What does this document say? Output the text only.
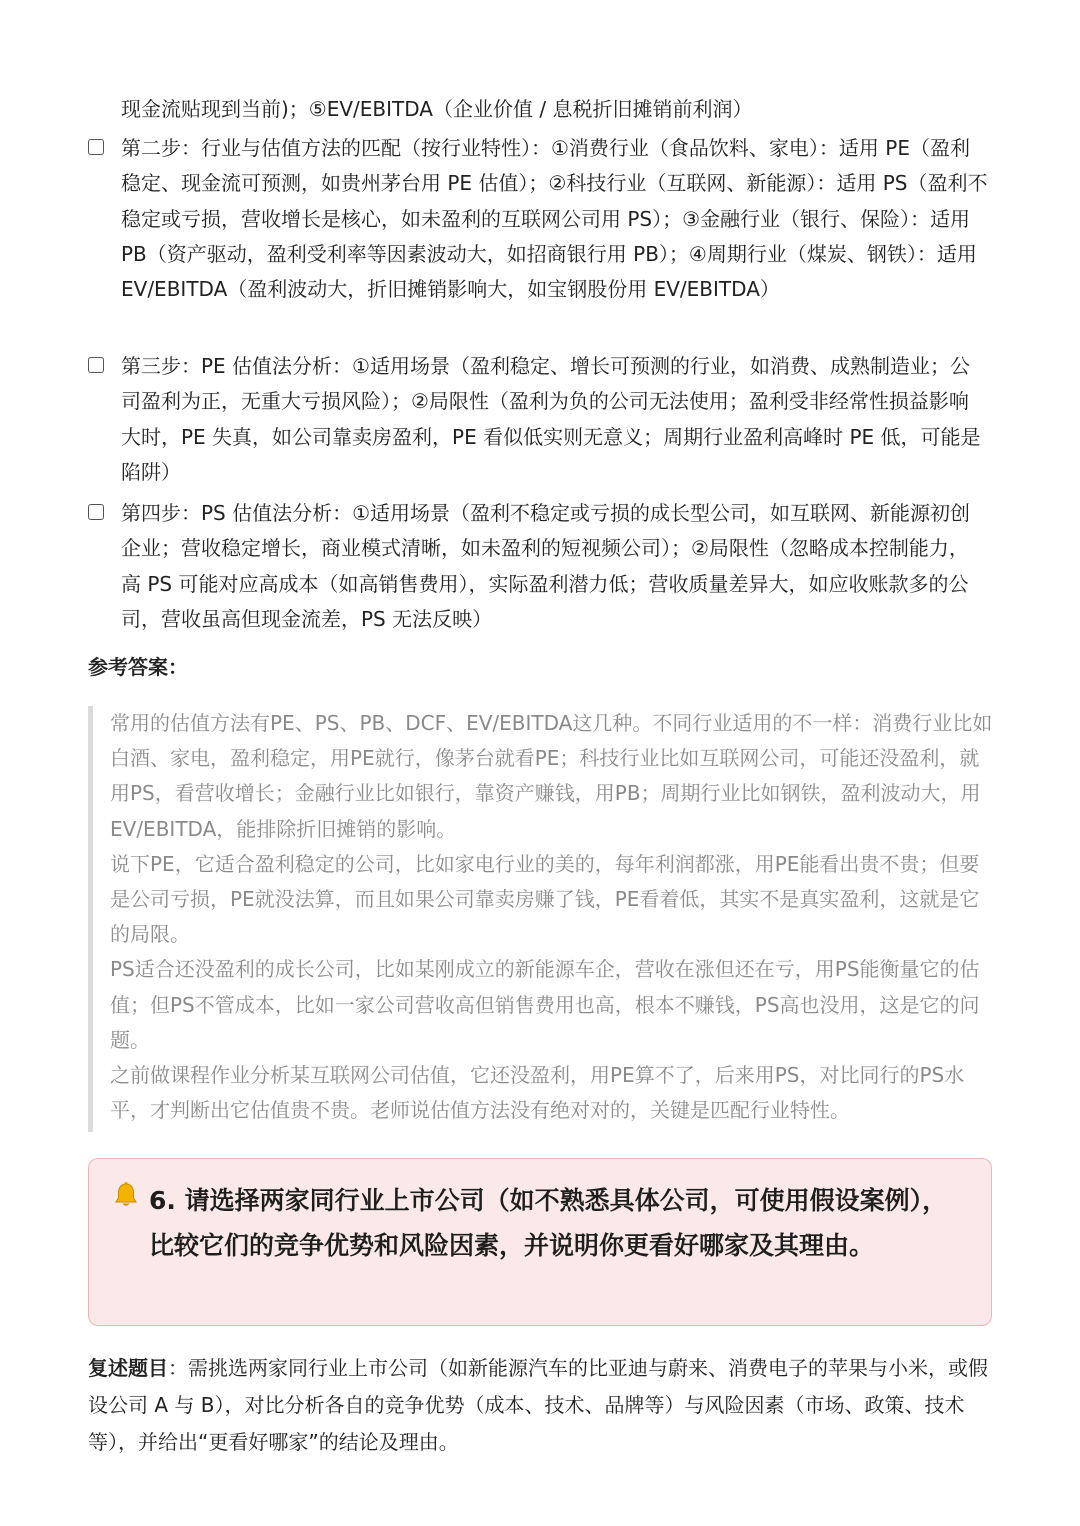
现金流贴现到当前)；⑤EV/EBITDA（企业价值 / 息税折旧摊销前利润）

第二步：行业与估值方法的匹配（按行业特性）：①消费行业（食品饮料、家电）：适用 PE（盈利稳定、现金流可预测，如贵州茅台用 PE 估值）；②科技行业（互联网、新能源）：适用 PS（盈利不稳定或亏损，营收增长是核心，如未盈利的互联网公司用 PS）；③金融行业（银行、保险）：适用 PB（资产驱动，盈利受利率等因素波动大，如招商银行用 PB）；④周期行业（煤炭、钢铁）：适用 EV/EBITDA（盈利波动大，折旧摊销影响大，如宝钢股份用 EV/EBITDA）

第三步：PE 估值法分析：①适用场景（盈利稳定、增长可预测的行业，如消费、成熟制造业；公司盈利为正，无重大亏损风险）；②局限性（盈利为负的公司无法使用；盈利受非经常性损益影响大时，PE 失真，如公司靠卖房盈利，PE 看似低实则无意义；周期行业盈利高峰时 PE 低，可能是陷阱）

第四步：PS 估值法分析：①适用场景（盈利不稳定或亏损的成长型公司，如互联网、新能源初创企业；营收稳定增长，商业模式清晰，如未盈利的短视频公司）；②局限性（忽略成本控制能力，高 PS 可能对应高成本（如高销售费用），实际盈利潜力低；营收质量差异大，如应收账款多的公司，营收虽高但现金流差，PS 无法反映）

参考答案：

常用的估值方法有PE、PS、PB、DCF、EV/EBITDA这几种。不同行业适用的不一样：消费行业比如白酒、家电，盈利稳定，用PE就行，像茅台就看PE；科技行业比如互联网公司，可能还没盈利，就用PS，看营收增长；金融行业比如银行，靠资产赚钱，用PB；周期行业比如钢铁，盈利波动大，用EV/EBITDA，能排除折旧摊销的影响。

说下PE，它适合盈利稳定的公司，比如家电行业的美的，每年利润都涨，用PE能看出贵不贵；但要是公司亏损，PE就没法算，而且如果公司靠卖房赚了钱，PE看着低，其实不是真实盈利，这就是它的局限。

PS适合还没盈利的成长公司，比如某刚成立的新能源车企，营收在涨但还在亏，用PS能衡量它的估值；但PS不管成本，比如一家公司营收高但销售费用也高，根本不赚钱，PS高也没用，这是它的问题。

之前做课程作业分析某互联网公司估值，它还没盈利，用PE算不了，后来用PS，对比同行的PS水平，才判断出它估值贵不贵。老师说估值方法没有绝对对的，关键是匹配行业特性。

6. 请选择两家同行业上市公司（如不熟悉具体公司，可使用假设案例），比较它们的竞争优势和风险因素，并说明你更看好哪家及其理由。

复述题目：需挑选两家同行业上市公司（如新能源汽车的比亚迪与蔚来、消费电子的苹果与小米，或假设公司 A 与 B），对比分析各自的竞争优势（成本、技术、品牌等）与风险因素（市场、政策、技术等），并给出“更看好哪家”的结论及理由。
